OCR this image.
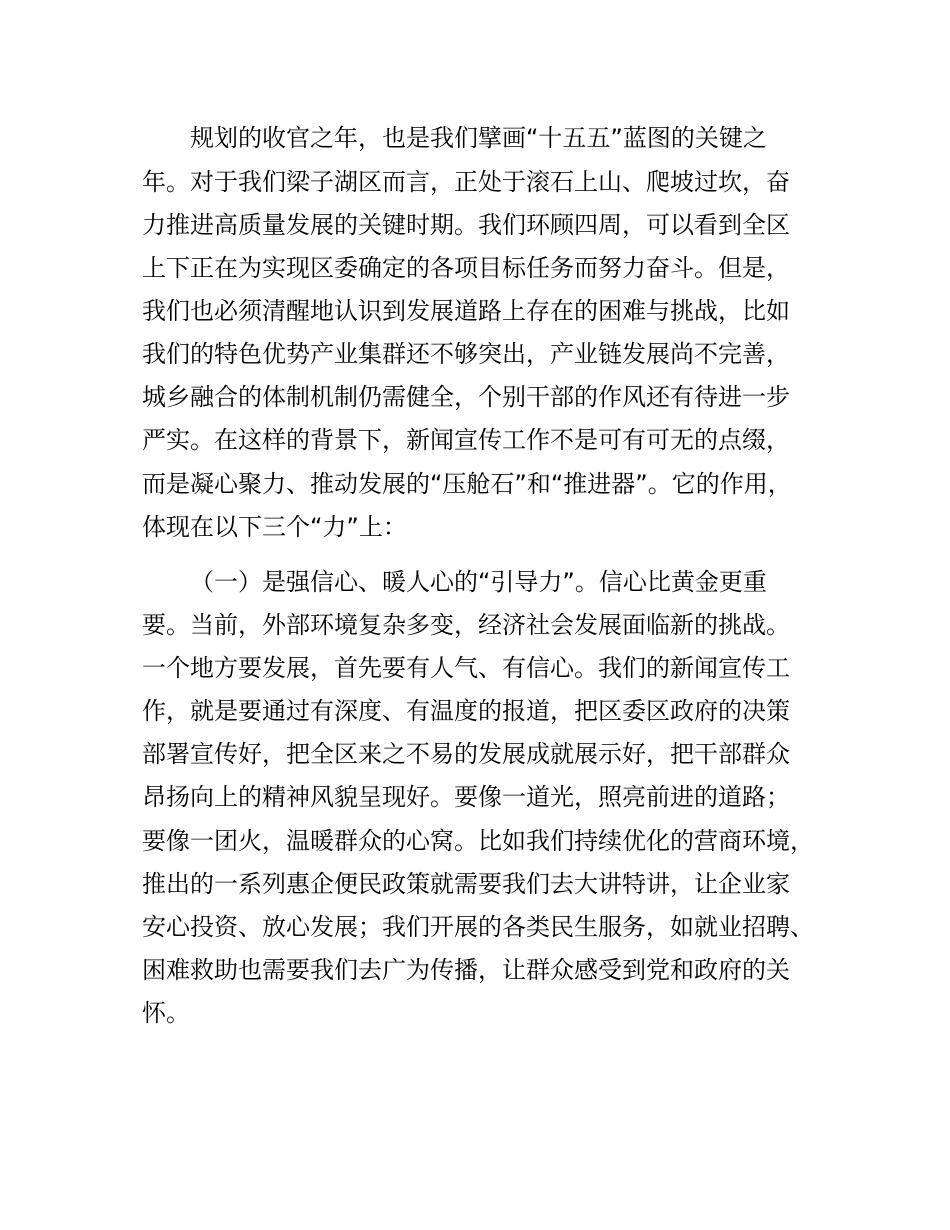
规划的收官之年，也是我们擘画“十五五”蓝图的关键之
年。对于我们梁子湖区而言，正处于滚石上山、爬坡过坎，奋
力推进高质量发展的关键时期。我们环顾四周，可以看到全区
上下正在为实现区委确定的各项目标任务而努力奋斗。但是，
我们也必须清醒地认识到发展道路上存在的困难与挑战，比如
我们的特色优势产业集群还不够突出，产业链发展尚不完善，
城乡融合的体制机制仍需健全，个别干部的作风还有待进一步
严实。在这样的背景下，新闻宣传工作不是可有可无的点缀，
而是凝心聚力、推动发展的“压舱石”和“推进器”。它的作用，
体现在以下三个“力”上：
（一）是强信心、暖人心的“引导力”。信心比黄金更重
要。当前，外部环境复杂多变，经济社会发展面临新的挑战。
一个地方要发展，首先要有人气、有信心。我们的新闻宣传工
作，就是要通过有深度、有温度的报道，把区委区政府的决策
部署宣传好，把全区来之不易的发展成就展示好，把干部群众
昂扬向上的精神风貌呈现好。要像一道光，照亮前进的道路；
要像一团火，温暖群众的心窝。比如我们持续优化的营商环境，
推出的一系列惠企便民政策就需要我们去大讲特讲，让企业家
安心投资、放心发展；我们开展的各类民生服务，如就业招聘、
困难救助也需要我们去广为传播，让群众感受到党和政府的关
怀。
